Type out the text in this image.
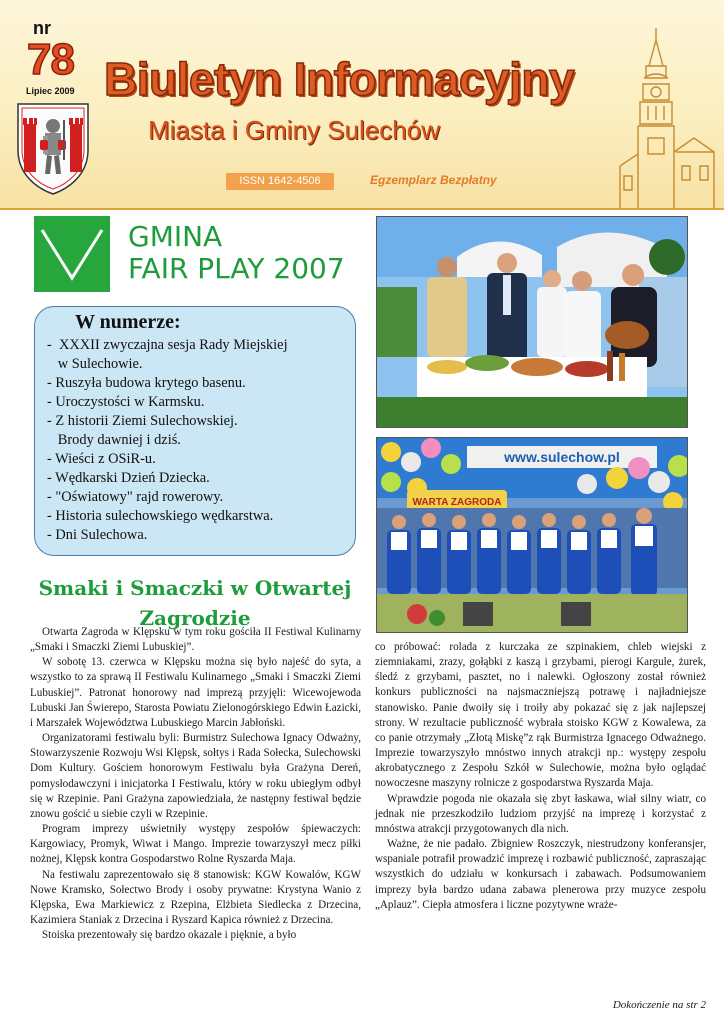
nr
78
Lipiec 2009 Biuletyn Informacyjny
Miasta i Gminy Sulechów
ISSN 1642-4506	Egzemplarz Bezpłatny
GMINA
FAIR PLAY 2007
W numerze:
-  XXXII zwyczajna sesja Rady Miejskiej
w Sulechowie.
- Ruszyła budowa krytego basenu.
- Uroczystości w Karmsku.
- Z historii Ziemi Sulechowskiej.
Brody dawniej i dziś.
- Wieści z OSiR-u.
- Wędkarski Dzień Dziecka.
- "Oświatowy" rajd rowerowy.
- Historia sulechowskiego wędkarstwa.
- Dni Sulechowa.
www.sulechow.pl
WARTA ZAGRODA
Smaki i Smaczki w Otwartej Zagrodzie

Otwarta Zagroda w Klępsku w tym roku gościła II Festiwal Kulinarny „Smaki i Smaczki Ziemi Lubuskiej”.

W sobotę 13. czerwca w Klępsku można się było najeść do syta, a wszystko to za sprawą II Festiwalu Kulinarnego „Smaki i Smaczki Ziemi Lubuskiej”. Patronat honorowy nad imprezą przyjęli: Wicewojewoda Lubuski Jan Świerepo, Starosta Powiatu Zielonogórskiego Edwin Łazicki, i Marszałek Województwa Lubuskiego Marcin Jabłoński.

Organizatorami festiwalu byli: Burmistrz Sulechowa Ignacy Odważny, Stowarzyszenie Rozwoju Wsi Klępsk, sołtys i Rada Sołecka, Sulechowski Dom Kultury. Gościem honorowym Festiwalu była Grażyna Dereń, pomysłodawczyni i inicjatorka I Festiwalu, który w roku ubiegłym odbył się w Rzepinie. Pani Grażyna zapowiedziała, że następny festiwal będzie znowu gościć u siebie czyli w Rzepinie.

Program imprezy uświetniły występy zespołów śpiewaczych: Kargowiacy, Promyk, Wiwat i Mango. Imprezie towarzyszył mecz piłki nożnej, Klępsk kontra Gospodarstwo Rolne Ryszarda Maja.

Na festiwalu zaprezentowało się 8 stanowisk: KGW Kowalów, KGW Nowe Kramsko, Sołectwo Brody i osoby prywatne: Krystyna Wanio z Klępska, Ewa Markiewicz z Rzepina, Elżbieta Siedlecka z Drzecina, Kazimiera Staniak z Drzecina i Ryszard Kapica również z Drzecina.

Stoiska prezentowały się bardzo okazale i pięknie, a było

co próbować: rolada z kurczaka ze szpinakiem, chleb wiejski z ziemniakami, zrazy, gołąbki z kaszą i grzybami, pierogi Kargule, żurek, śledź z grzybami, pasztet, no i nalewki. Ogłoszony został również konkurs publiczności na najsmaczniejszą potrawę i najładniejsze stanowisko. Panie dwoiły się i troiły aby pokazać się z jak najlepszej strony. W rezultacie publiczność wybrała stoisko KGW z Kowalewa, za co panie otrzymały „Złotą Miskę”z rąk Burmistrza Ignacego Odważnego. Imprezie towarzyszyło mnóstwo innych atrakcji np.: występy zespołu akrobatycznego z Zespołu Szkół w Sulechowie, można było oglądać nowoczesne maszyny rolnicze z gospodarstwa Ryszarda Maja.

Wprawdzie pogoda nie okazała się zbyt łaskawa, wiał silny wiatr, co jednak nie przeszkodziło ludziom przyjść na imprezę i korzystać z mnóstwa atrakcji przygotowanych dla nich.

Ważne, że nie padało. Zbigniew Roszczyk, niestrudzony konferansjer, wspaniale potrafił prowadzić imprezę i rozbawić publiczność, zapraszając wszystkich do udziału w konkursach i zabawach. Podsumowaniem imprezy była bardzo udana zabawa plenerowa przy muzyce zespołu „Aplauz”. Ciepła atmosfera i liczne pozytywne wraże-

Dokończenie na str 2
